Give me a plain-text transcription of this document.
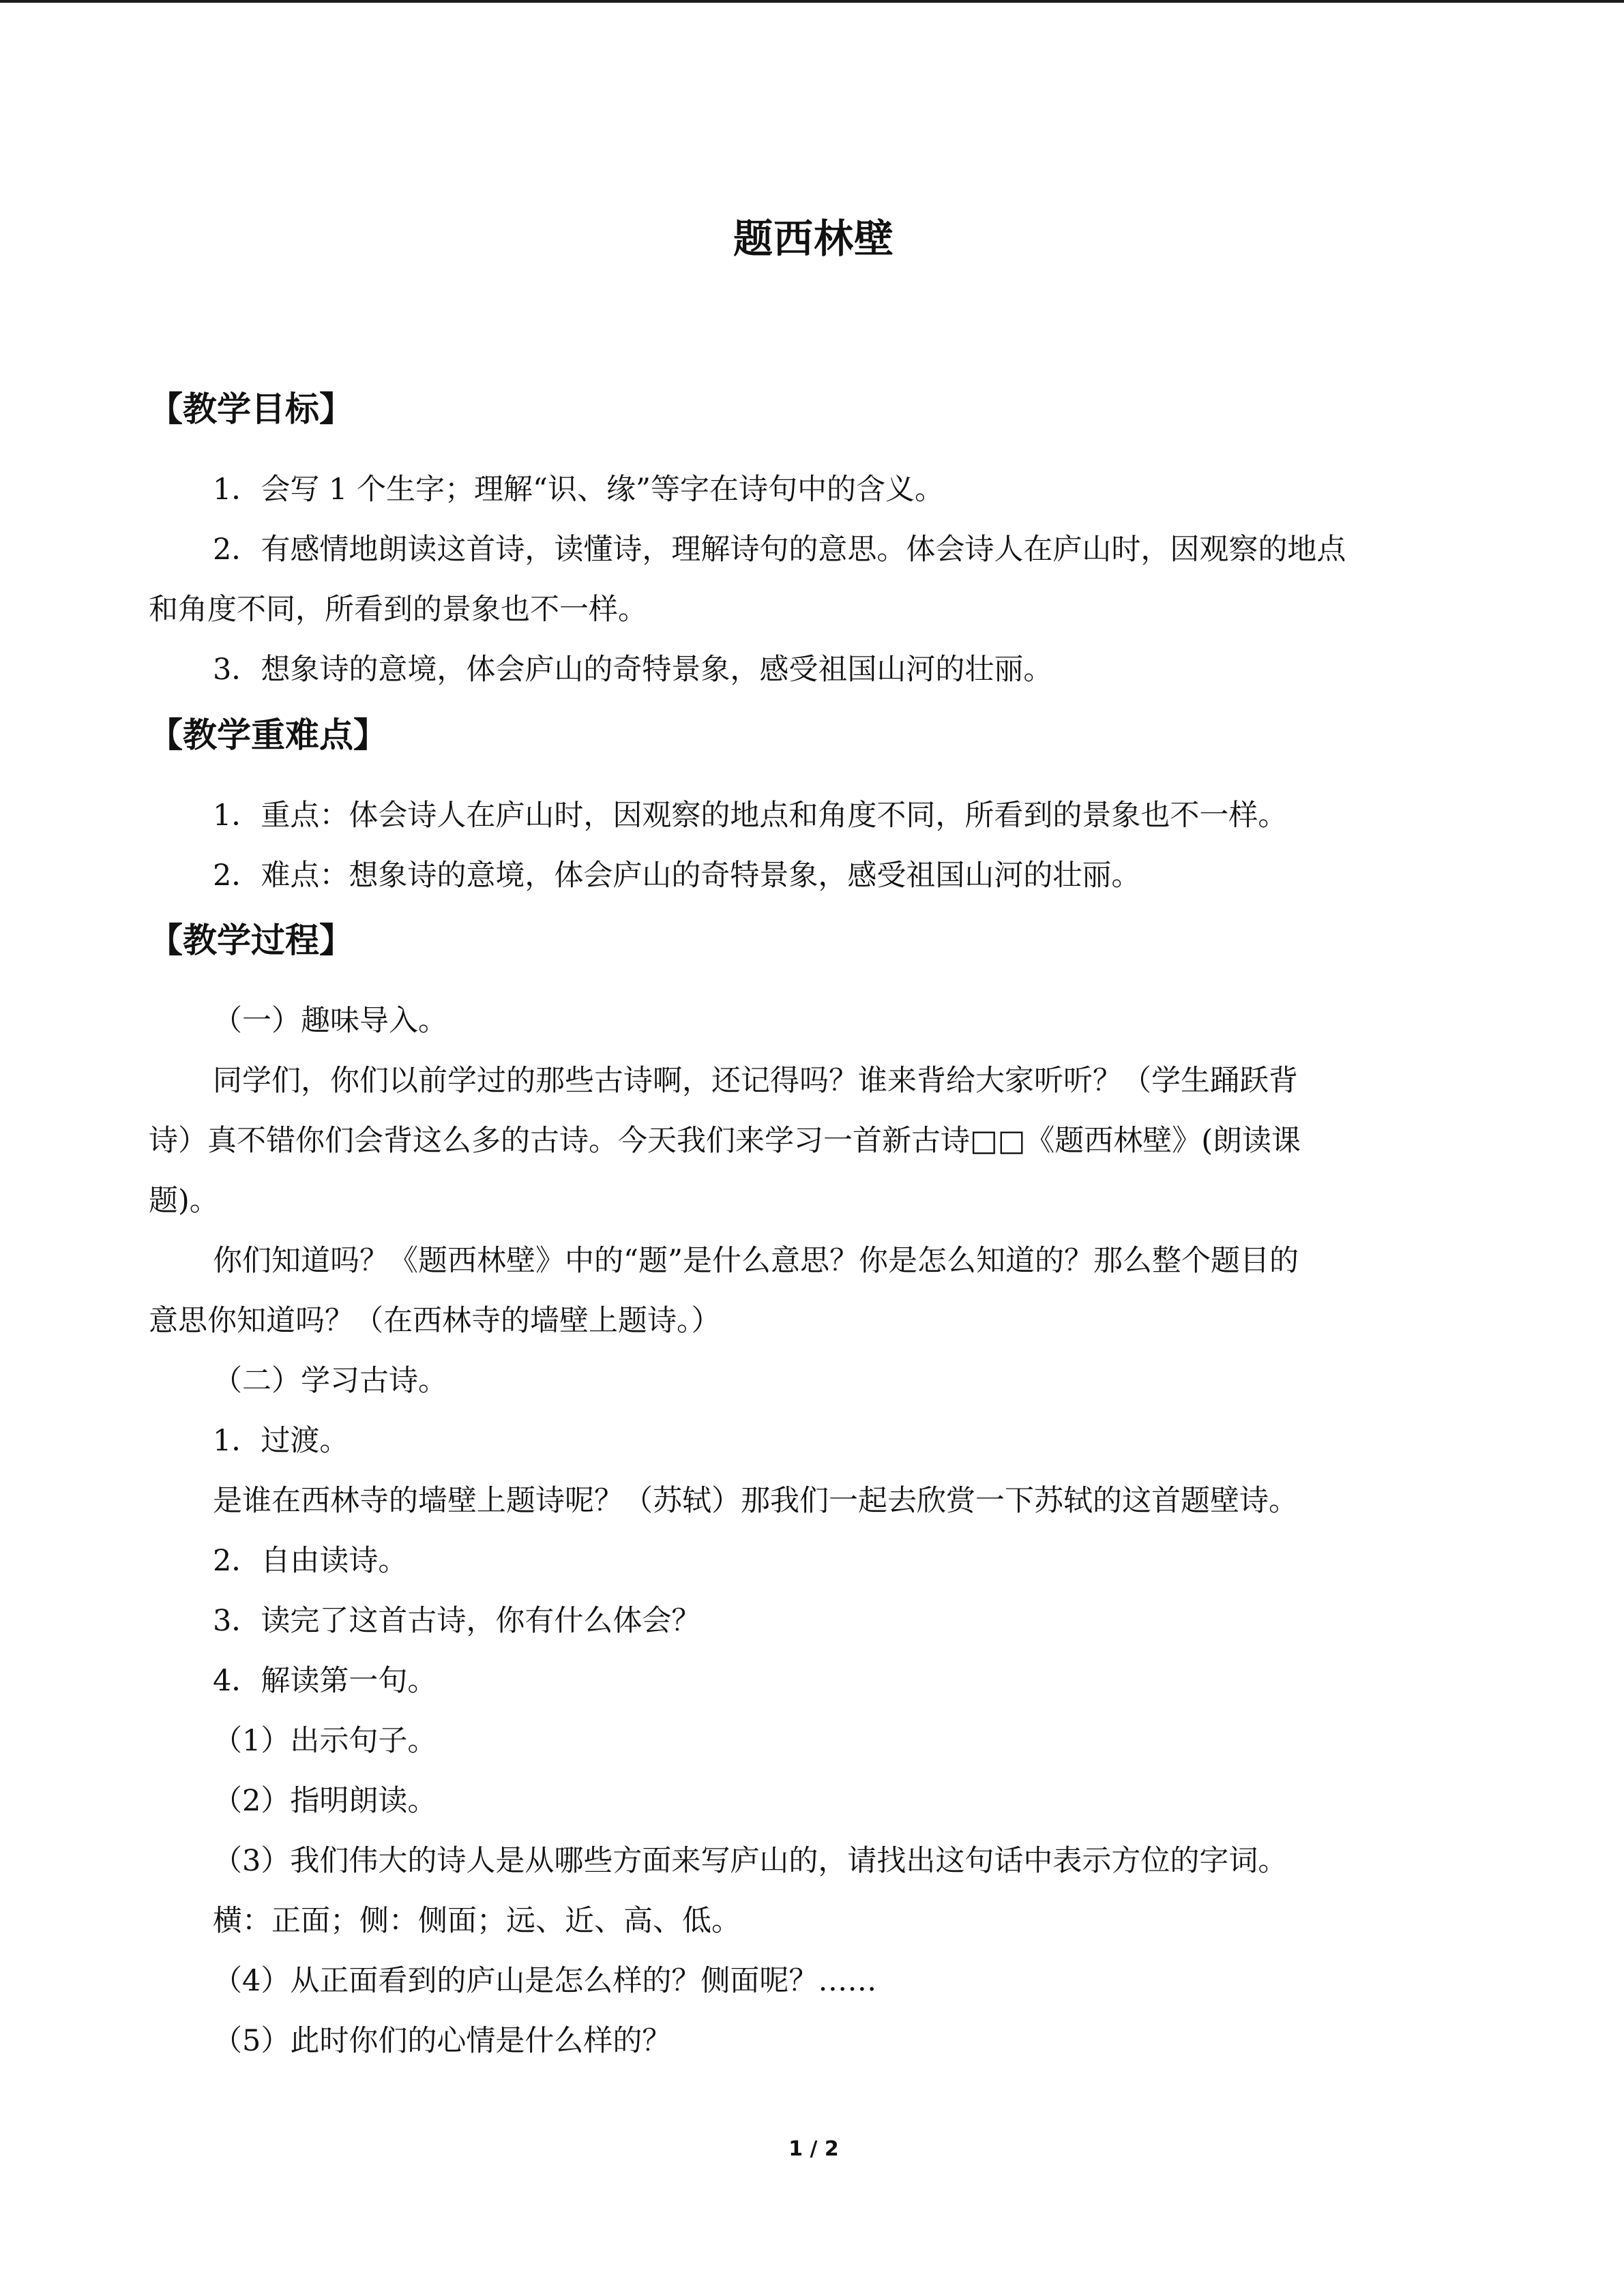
题西林壁
【教学目标】

1．会写 1 个生字；理解“识、缘”等字在诗句中的含义。

2．有感情地朗读这首诗，读懂诗，理解诗句的意思。体会诗人在庐山时，因观察的地点

和角度不同，所看到的景象也不一样。

3．想象诗的意境，体会庐山的奇特景象，感受祖国山河的壮丽。

【教学重难点】

1．重点：体会诗人在庐山时，因观察的地点和角度不同，所看到的景象也不一样。

2．难点：想象诗的意境，体会庐山的奇特景象，感受祖国山河的壮丽。

【教学过程】

（一）趣味导入。

同学们，你们以前学过的那些古诗啊，还记得吗？谁来背给大家听听？（学生踊跃背

诗）真不错你们会背这么多的古诗。今天我们来学习一首新古诗□□《题西林壁》(朗读课

题)。

你们知道吗？《题西林壁》中的“题”是什么意思？你是怎么知道的？那么整个题目的

意思你知道吗？（在西林寺的墙壁上题诗。）

（二）学习古诗。

1．过渡。

是谁在西林寺的墙壁上题诗呢？（苏轼）那我们一起去欣赏一下苏轼的这首题壁诗。

2．自由读诗。

3．读完了这首古诗，你有什么体会？

4．解读第一句。

（1）出示句子。

（2）指明朗读。

（3）我们伟大的诗人是从哪些方面来写庐山的，请找出这句话中表示方位的字词。

横：正面；侧：侧面；远、近、高、低。

（4）从正面看到的庐山是怎么样的？侧面呢？……

（5）此时你们的心情是什么样的？

1 / 2
